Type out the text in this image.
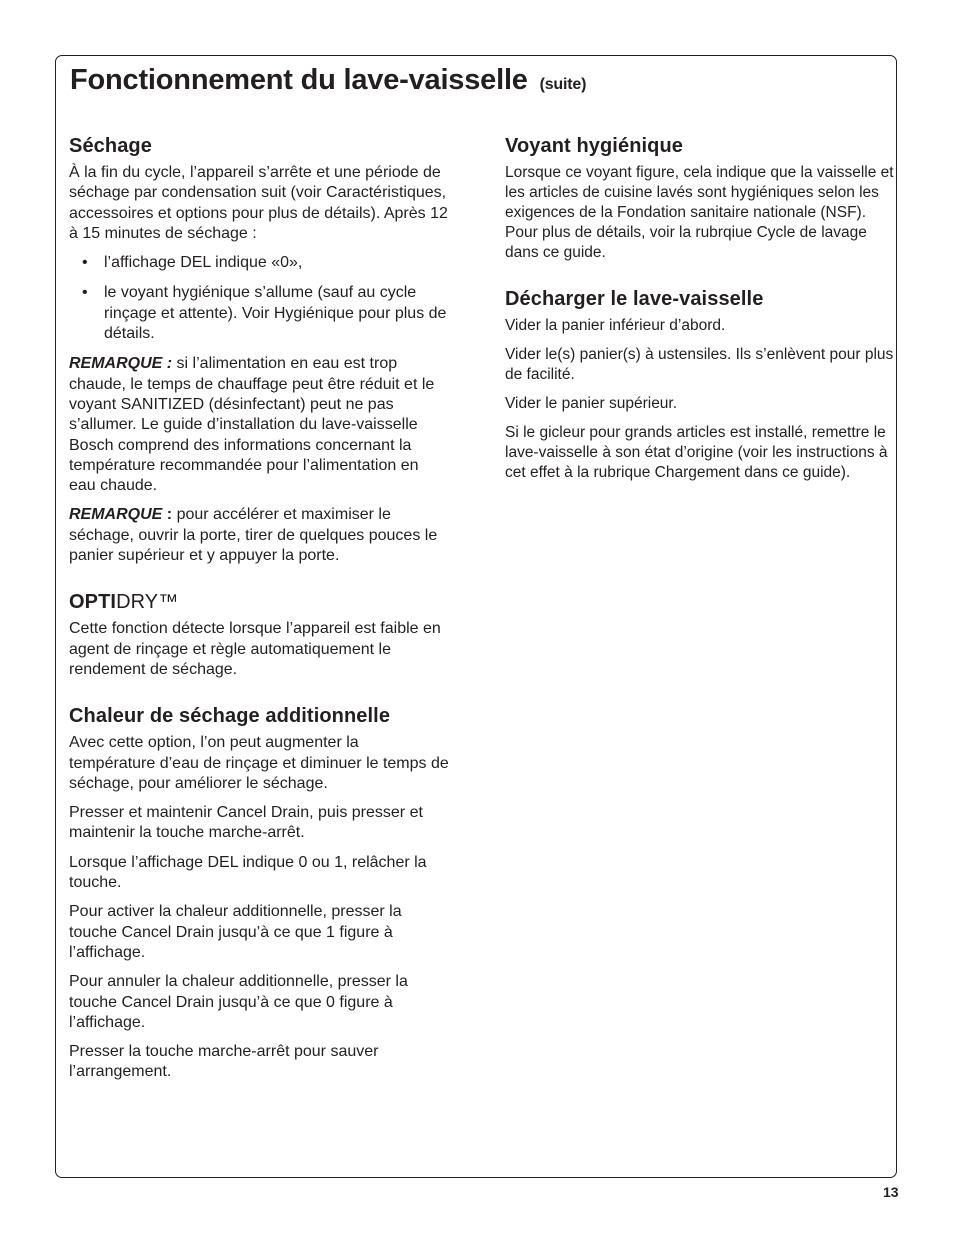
Fonctionnement du lave-vaisselle (suite)
Séchage

À la fin du cycle, l’appareil s’arrête et une période de séchage par condensation suit (voir Caractéristiques, accessoires et options pour plus de détails). Après 12 à 15 minutes de séchage :

• l’affichage DEL indique «0»,
• le voyant hygiénique s’allume (sauf au cycle rinçage et attente). Voir Hygiénique pour plus de détails.

REMARQUE : si l’alimentation en eau est trop chaude, le temps de chauffage peut être réduit et le voyant SANITIZED (désinfectant) peut ne pas s’allumer. Le guide d’installation du lave-vaisselle Bosch comprend des informations concernant la température recommandée pour l’alimentation en eau chaude.

REMARQUE : pour accélérer et maximiser le séchage, ouvrir la porte, tirer de quelques pouces le panier supérieur et y appuyer la porte.

OPTIDRY™

Cette fonction détecte lorsque l’appareil est faible en agent de rinçage et règle automatiquement le rendement de séchage.

Chaleur de séchage additionnelle

Avec cette option, l’on peut augmenter la température d’eau de rinçage et diminuer le temps de séchage, pour améliorer le séchage.

Presser et maintenir Cancel Drain, puis presser et maintenir la touche marche-arrêt.

Lorsque l’affichage DEL indique 0 ou 1, relâcher la touche.

Pour activer la chaleur additionnelle, presser la touche Cancel Drain jusqu’à ce que 1 figure à l’affichage.

Pour annuler la chaleur additionnelle, presser la touche Cancel Drain jusqu’à ce que 0 figure à l’affichage.

Presser la touche marche-arrêt pour sauver l’arrangement.

Voyant hygiénique

Lorsque ce voyant figure, cela indique que la vaisselle et les articles de cuisine lavés sont hygiéniques selon les exigences de la Fondation sanitaire nationale (NSF). Pour plus de détails, voir la rubrqiue Cycle de lavage dans ce guide.

Décharger le lave-vaisselle

Vider la panier inférieur d’abord.

Vider le(s) panier(s) à ustensiles. Ils s’enlèvent pour plus de facilité.

Vider le panier supérieur.

Si le gicleur pour grands articles est installé, remettre le lave-vaisselle à son état d’origine (voir les instructions à cet effet à la rubrique Chargement dans ce guide).

13
